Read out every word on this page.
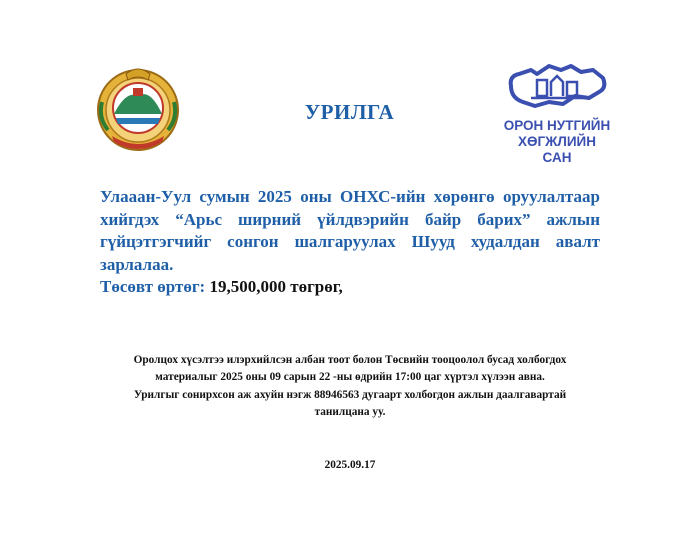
УРИЛГА
ОРОН НУТГИЙН
ХӨГЖЛИЙН
САН
Улааан-Уул сумын 2025 оны ОНХС-ийн хөрөнгө оруулалтаар хийгдэх “Арьс ширний үйлдвэрийн байр барих” ажлын гүйцэтгэгчийг сонгон шалгаруулах Шууд худалдан авалт зарлалаа.
Төсөвт өртөг: 19,500,000 төгрөг,
Оролцох хүсэлтээ илэрхийлсэн албан тоот болон Төсвийн тооцоолол бусад холбогдох
материалыг 2025 оны 09 сарын 22 -ны өдрийн 17:00 цаг хүртэл хүлээн авна.
Урилгыг сонирхсон аж ахуйн нэгж 88946563 дугаарт холбогдон ажлын даалгавартай
танилцана уу.
2025.09.17
